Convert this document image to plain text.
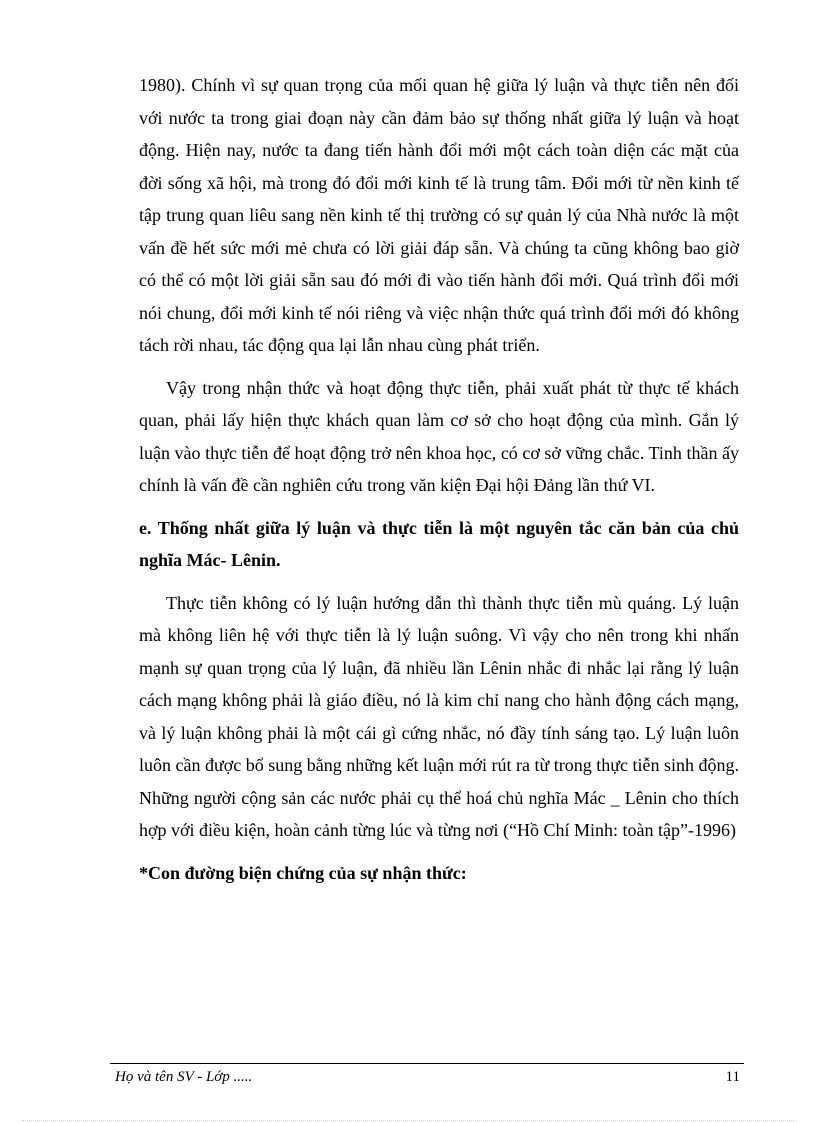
1980). Chính vì sự quan trọng của mối quan hệ giữa lý luận và thực tiễn nên đối với nước ta trong giai đoạn này cần đảm bảo sự thống nhất giữa lý luận và hoạt động. Hiện nay, nước ta đang tiến hành đổi mới một cách toàn diện các mặt của đời sống xã hội, mà trong đó đổi mới kinh tế là trung tâm. Đổi mới từ nền kinh tế tập trung quan liêu sang nền kinh tế thị trường có sự quản lý của Nhà nước là một vấn đề hết sức mới mẻ chưa có lời giải đáp sẵn. Và chúng ta cũng không bao giờ có thể có một lời giải sẵn sau đó mới đi vào tiến hành đổi mới. Quá trình đổi mới nói chung, đổi mới kinh tế nói riêng và việc nhận thức quá trình đổi mới đó không tách rời nhau, tác động qua lại lẫn nhau cùng phát triển.

Vậy trong nhận thức và hoạt động thực tiễn, phải xuất phát từ thực tế khách quan, phải lấy hiện thực khách quan làm cơ sở cho hoạt động của mình. Gắn lý luận vào thực tiễn để hoạt động trở nên khoa học, có cơ sở vững chắc. Tinh thần ấy chính là vấn đề cần nghiên cứu trong văn kiện Đại hội Đảng lần thứ VI.

e. Thống nhất giữa lý luận và thực tiễn là một nguyên tắc căn bản của chủ nghĩa Mác- Lênin.

Thực tiễn không có lý luận hướng dẫn thì thành thực tiễn mù quáng. Lý luận mà không liên hệ với thực tiễn là lý luận suông. Vì vậy cho nên trong khi nhấn mạnh sự quan trọng của lý luận, đã nhiều lần Lênin nhắc đi nhắc lại rằng lý luận cách mạng không phải là giáo điều, nó là kim chỉ nang cho hành động cách mạng, và lý luận không phải là một cái gì cứng nhắc, nó đầy tính sáng tạo. Lý luận luôn luôn cần được bổ sung bằng những kết luận mới rút ra từ trong thực tiễn sinh động. Những người cộng sản các nước phải cụ thể hoá chủ nghĩa Mác _ Lênin cho thích hợp với điều kiện, hoàn cảnh từng lúc và từng nơi (“Hồ Chí Minh: toàn tập”-1996)

*Con đường biện chứng của sự nhận thức:
Họ và tên SV - Lớp .....	11
